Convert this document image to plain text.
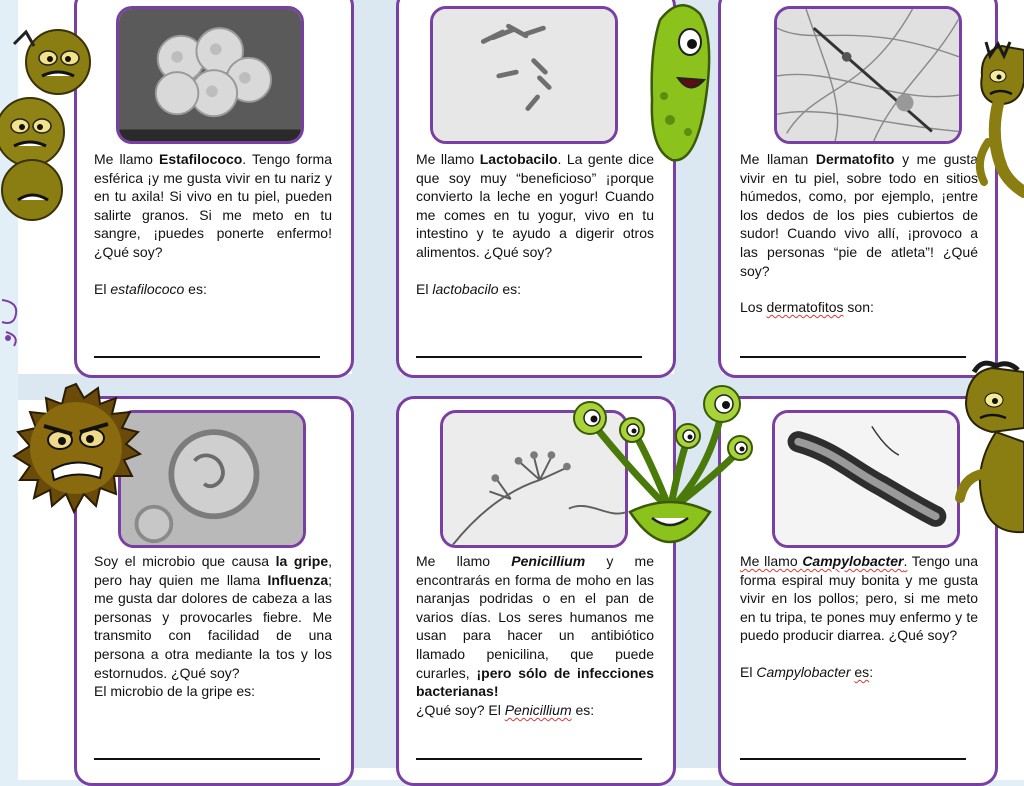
Me llamo Estafilococo. Tengo forma esférica ¡y me gusta vivir en tu nariz y en tu axila! Si vivo en tu piel, pueden salirte granos. Si me meto en tu sangre, ¡puedes ponerte enfermo! ¿Qué soy?

El estafilococo es:

Me llamo Lactobacilo. La gente dice que soy muy “beneficioso” ¡porque convierto la leche en yogur! Cuando me comes en tu yogur, vivo en tu intestino y te ayudo a digerir otros alimentos. ¿Qué soy?

El lactobacilo es:

Me llaman Dermatofito y me gusta vivir en tu piel, sobre todo en sitios húmedos, como, por ejemplo, ¡entre los dedos de los pies cubiertos de sudor! Cuando vivo allí, ¡provoco a las personas “pie de atleta”! ¿Qué soy?

Los dermatofitos son:

Soy el microbio que causa la gripe, pero hay quien me llama Influenza; me gusta dar dolores de cabeza a las personas y provocarles fiebre. Me transmito con facilidad de una persona a otra mediante la tos y los estornudos. ¿Qué soy?

El microbio de la gripe es:

Me llamo Penicillium y me encontrarás en forma de moho en las naranjas podridas o en el pan de varios días. Los seres humanos me usan para hacer un antibiótico llamado penicilina, que puede curarles, ¡pero sólo de infecciones bacterianas!

¿Qué soy? El Penicillium es:

Me llamo Campylobacter. Tengo una forma espiral muy bonita y me gusta vivir en los pollos; pero, si me meto en tu tripa, te pones muy enfermo y te puedo producir diarrea. ¿Qué soy?

El Campylobacter es:
